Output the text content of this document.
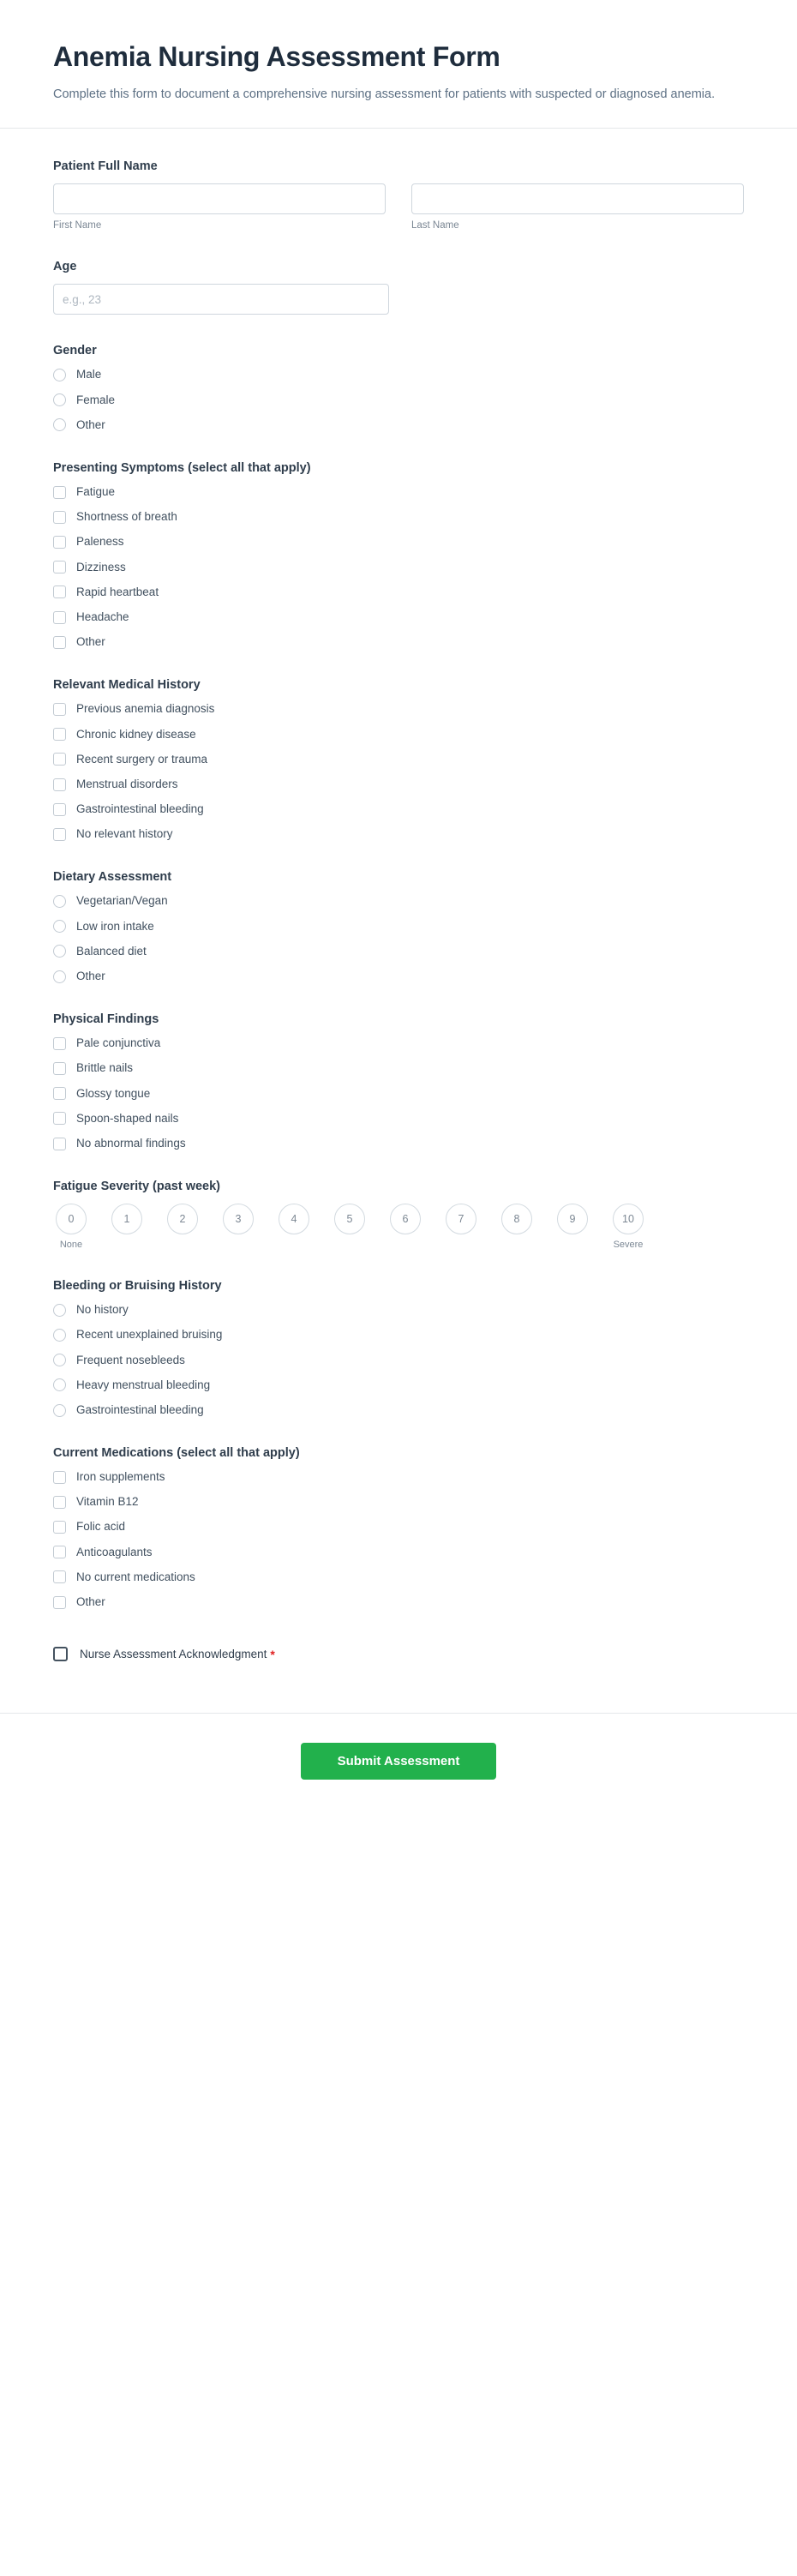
Anemia Nursing Assessment Form

Complete this form to document a comprehensive nursing assessment for patients with suspected or diagnosed anemia.

Patient Full Name
First Name	Last Name
Age
e.g., 23
Gender
Male
Female
Other
Presenting Symptoms (select all that apply)
Fatigue
Shortness of breath
Paleness
Dizziness
Rapid heartbeat
Headache
Other
Relevant Medical History
Previous anemia diagnosis
Chronic kidney disease
Recent surgery or trauma
Menstrual disorders
Gastrointestinal bleeding
No relevant history
Dietary Assessment
Vegetarian/Vegan
Low iron intake
Balanced diet
Other
Physical Findings
Pale conjunctiva
Brittle nails
Glossy tongue
Spoon-shaped nails
No abnormal findings
Fatigue Severity (past week)
0
None
1	2	3	4	5	6	7	8	9	10
Severe
Bleeding or Bruising History
No history
Recent unexplained bruising
Frequent nosebleeds
Heavy menstrual bleeding
Gastrointestinal bleeding
Current Medications (select all that apply)
Iron supplements
Vitamin B12
Folic acid
Anticoagulants
No current medications
Other
Nurse Assessment Acknowledgment *
Submit Assessment
